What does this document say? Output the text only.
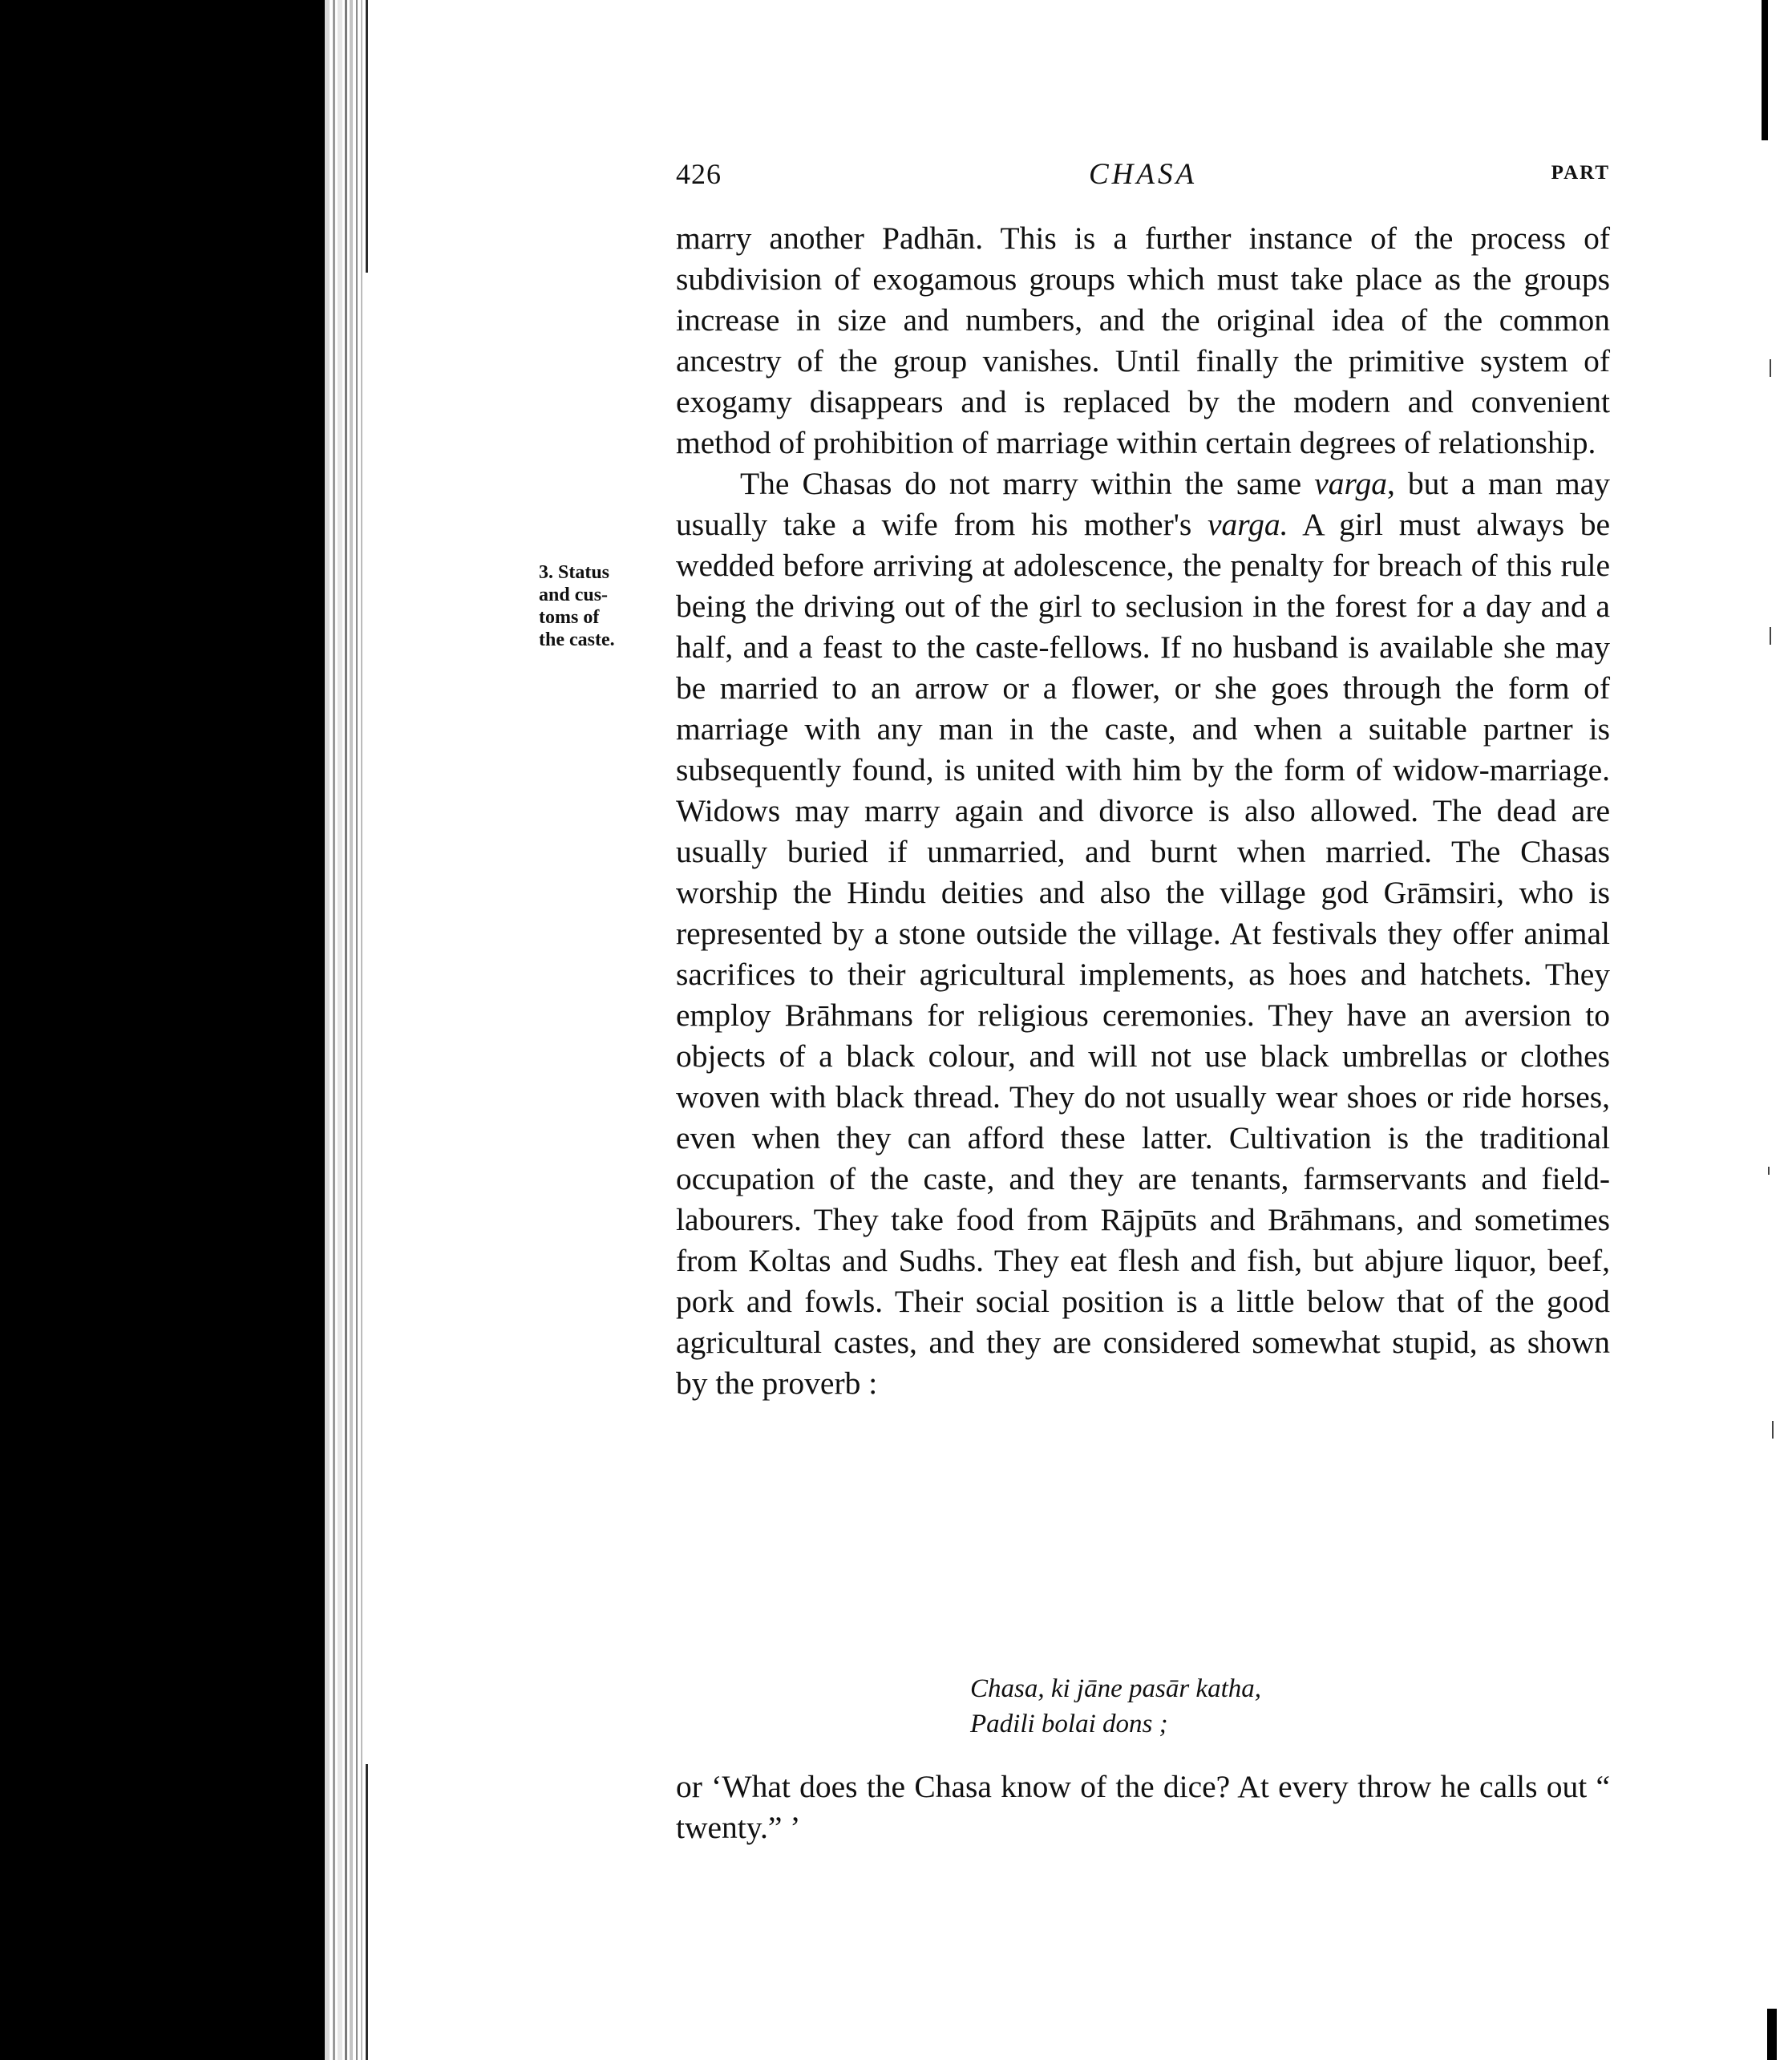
426	CHASA	PART
3. Status
and cus-
toms of
the caste.

marry another Padhān. This is a further instance of the process of subdivision of exogamous groups which must take place as the groups increase in size and numbers, and the original idea of the common ancestry of the group vanishes. Until finally the primitive system of exogamy disappears and is replaced by the modern and convenient method of prohibition of marriage within certain degrees of relationship.

The Chasas do not marry within the same varga, but a man may usually take a wife from his mother's varga. A girl must always be wedded before arriving at adolescence, the penalty for breach of this rule being the driving out of the girl to seclusion in the forest for a day and a half, and a feast to the caste-fellows. If no husband is available she may be married to an arrow or a flower, or she goes through the form of marriage with any man in the caste, and when a suitable partner is subsequently found, is united with him by the form of widow-marriage. Widows may marry again and divorce is also allowed. The dead are usually buried if unmarried, and burnt when married. The Chasas worship the Hindu deities and also the village god Grāmsiri, who is represented by a stone outside the village. At festivals they offer animal sacrifices to their agricultural implements, as hoes and hatchets. They employ Brāhmans for religious ceremonies. They have an aversion to objects of a black colour, and will not use black umbrellas or clothes woven with black thread. They do not usually wear shoes or ride horses, even when they can afford these latter. Cultivation is the traditional occupation of the caste, and they are tenants, farmservants and field-labourers. They take food from Rājpūts and Brāhmans, and sometimes from Koltas and Sudhs. They eat flesh and fish, but abjure liquor, beef, pork and fowls. Their social position is a little below that of the good agricultural castes, and they are considered somewhat stupid, as shown by the proverb :

Chasa, ki jāne pasār katha,
Padili bolai dons ;
or ‘What does the Chasa know of the dice? At every throw he calls out “ twenty.” ’
